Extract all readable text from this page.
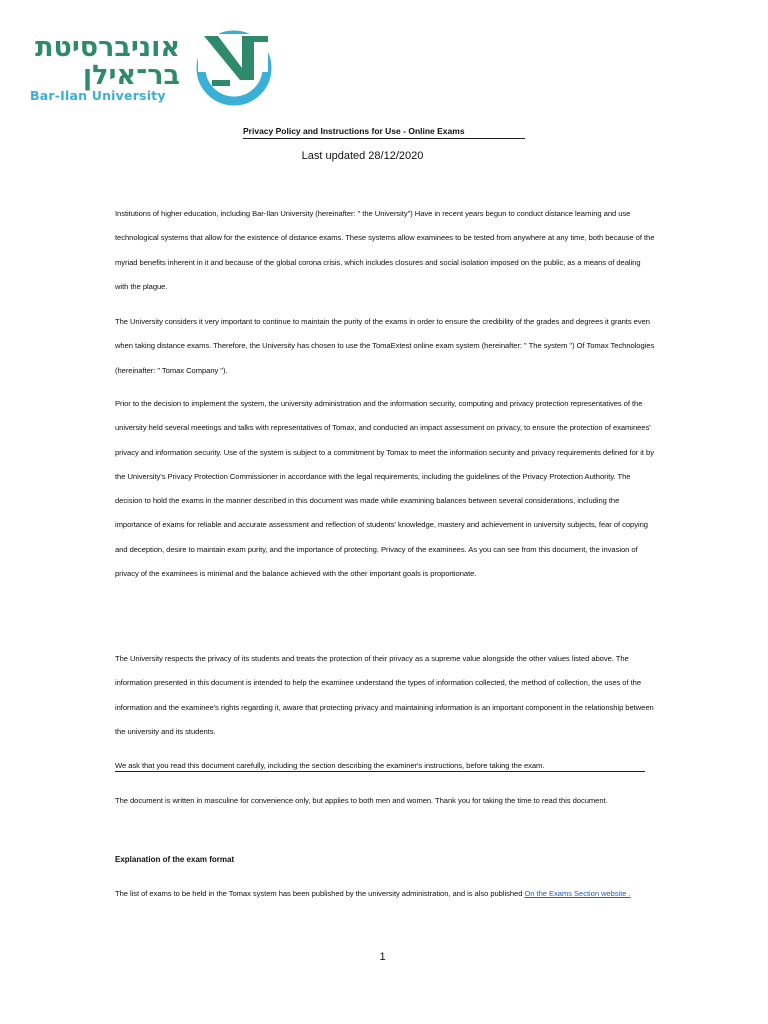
אוניברסיטת
בר־אילן
Bar-Ilan University
Privacy Policy and Instructions for Use - Online Exams
Last updated 28/12/2020
Institutions of higher education, including Bar-Ilan University (hereinafter: " the University") Have in recent years begun to conduct distance learning and use technological systems that allow for the existence of distance exams. These systems allow examinees to be tested from anywhere at any time, both because of the myriad benefits inherent in it and because of the global corona crisis, which includes closures and social isolation imposed on the public, as a means of dealing with the plague.
The University considers it very important to continue to maintain the purity of the exams in order to ensure the credibility of the grades and degrees it grants even when taking distance exams. Therefore, the University has chosen to use the TomaExtest online exam system (hereinafter: " The system ") Of Tomax Technologies (hereinafter: " Tomax Company ").
Prior to the decision to implement the system, the university administration and the information security, computing and privacy protection representatives of the university held several meetings and talks with representatives of Tomax, and conducted an impact assessment on privacy, to ensure the protection of examinees' privacy and information security. Use of the system is subject to a commitment by Tomax to meet the information security and privacy requirements defined for it by the University's Privacy Protection Commissioner in accordance with the legal requirements, including the guidelines of the Privacy Protection Authority. The decision to hold the exams in the manner described in this document was made while examining balances between several considerations, including the importance of exams for reliable and accurate assessment and reflection of students' knowledge, mastery and achievement in university subjects, fear of copying and deception, desire to maintain exam purity, and the importance of protecting. Privacy of the examinees. As you can see from this document, the invasion of privacy of the examinees is minimal and the balance achieved with the other important goals is proportionate.
The University respects the privacy of its students and treats the protection of their privacy as a supreme value alongside the other values listed above. The information presented in this document is intended to help the examinee understand the types of information collected, the method of collection, the uses of the information and the examinee's rights regarding it, aware that protecting privacy and maintaining information is an important component in the relationship between the university and its students.
We ask that you read this document carefully, including the section describing the examiner's instructions, before taking the exam.
The document is written in masculine for convenience only, but applies to both men and women. Thank you for taking the time to read this document.
Explanation of the exam format
The list of exams to be held in the Tomax system has been published by the university administration, and is also published On the Exams Section website .
1
